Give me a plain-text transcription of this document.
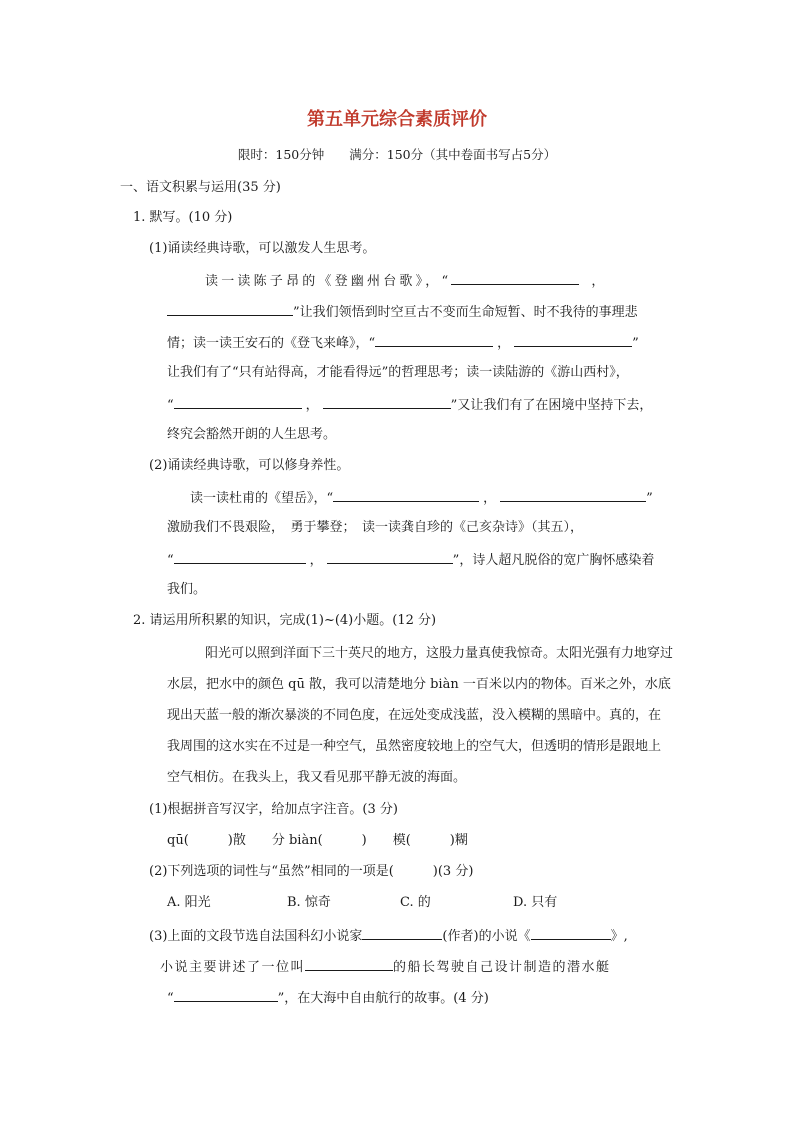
第五单元综合素质评价
限时：150分钟　　满分：150分（其中卷面书写占5分）
一、语文积累与运用(35 分)
1. 默写。(10 分)
(1)诵读经典诗歌，可以激发人生思考。
读一读陈子昂的《登幽州台歌》，“	，
”让我们领悟到时空亘古不变而生命短暂、时不我待的事理悲
情；读一读王安石的《登飞来峰》，“	，	”
让我们有了“只有站得高，才能看得远”的哲理思考；读一读陆游的《游山西村》，
“	，	”又让我们有了在困境中坚持下去，
终究会豁然开朗的人生思考。
(2)诵读经典诗歌，可以修身养性。
读一读杜甫的《望岳》，“	，	”
激励我们不畏艰险，　勇于攀登；　读一读龚自珍的《己亥杂诗》（其五），
“	，	”，诗人超凡脱俗的宽广胸怀感染着
我们。
2. 请运用所积累的知识，完成(1)~(4)小题。(12 分)
阳光可以照到洋面下三十英尺的地方，这股力量真使我惊奇。太阳光强有力地穿过
水层，把水中的颜色 qū 散，我可以清楚地分 biàn 一百米以内的物体。百米之外，水底
现出天蓝一般的渐次暴淡的不同色度，在远处变成浅蓝，没入模糊的黑暗中。真的，在
我周围的这水实在不过是一种空气，虽然密度较地上的空气大，但透明的情形是跟地上
空气相仿。在我头上，我又看见那平静无波的海面。
(1)根据拼音写汉字，给加点字注音。(3 分)
qū(　　　)散　　分 biàn(　　　)　　模(　　　)糊
(2)下列选项的词性与“虽然”相同的一项是(　　　)(3 分)
A. 阳光	B. 惊奇	C. 的	D. 只有
(3)上面的文段节选自法国科幻小说家	(作者)的小说《	》,
小说主要讲述了一位叫	的船长驾驶自己设计制造的潜水艇
“	”，在大海中自由航行的故事。(4 分)
